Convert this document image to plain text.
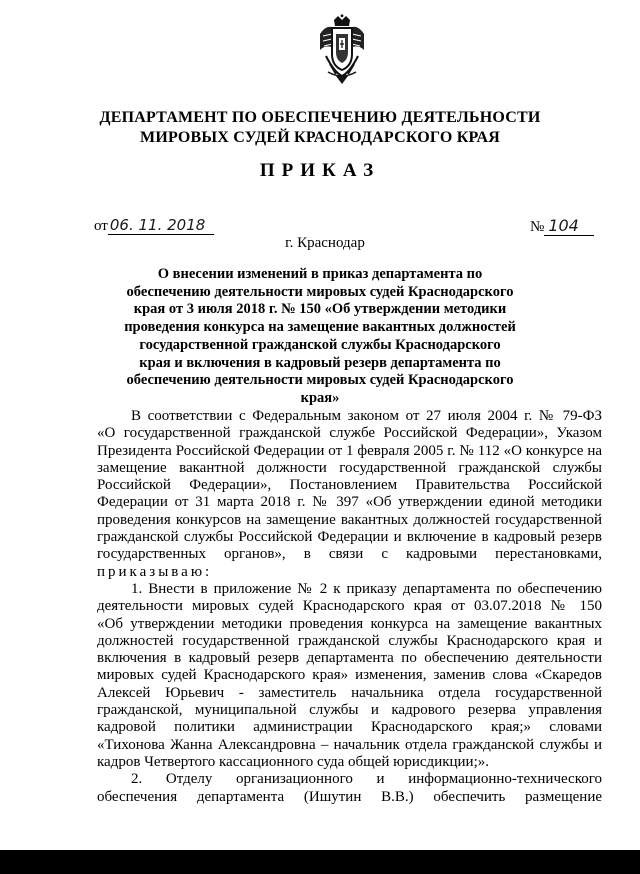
ДЕПАРТАМЕНТ ПО ОБЕСПЕЧЕНИЮ ДЕЯТЕЛЬНОСТИ
МИРОВЫХ СУДЕЙ КРАСНОДАРСКОГО КРАЯ
ПРИКАЗ
от 06. 11. 2018	№ 104
г. Краснодар
О внесении изменений в приказ департамента по
обеспечению деятельности мировых судей Краснодарского
края от 3 июля 2018 г. № 150 «Об утверждении методики
проведения конкурса на замещение вакантных должностей
государственной гражданской службы Краснодарского
края и включения в кадровый резерв департамента по
обеспечению деятельности мировых судей Краснодарского
края»
В соответствии с Федеральным законом от 27 июля 2004 г. № 79-ФЗ
«О государственной гражданской службе Российской Федерации», Указом
Президента Российской Федерации от 1 февраля 2005 г. № 112 «О конкурсе на
замещение вакантной должности государственной гражданской службы
Российской Федерации», Постановлением Правительства Российской
Федерации от 31 марта 2018 г. № 397 «Об утверждении единой методики
проведения конкурсов на замещение вакантных должностей государственной
гражданской службы Российской Федерации и включение в кадровый резерв
государственных органов», в связи с кадровыми перестановками,
приказываю:
1. Внести в приложение № 2 к приказу департамента по обеспечению
деятельности мировых судей Краснодарского края от 03.07.2018 № 150
«Об утверждении методики проведения конкурса на замещение вакантных
должностей государственной гражданской службы Краснодарского края и
включения в кадровый резерв департамента по обеспечению деятельности
мировых судей Краснодарского края» изменения, заменив слова «Скаредов
Алексей Юрьевич - заместитель начальника отдела государственной
гражданской, муниципальной службы и кадрового резерва управления
кадровой политики администрации Краснодарского края;» словами
«Тихонова Жанна Александровна – начальник отдела гражданской службы и
кадров Четвертого кассационного суда общей юрисдикции;».
2. Отделу организационного и информационно-технического
обеспечения департамента (Ишутин В.В.) обеспечить размещение
